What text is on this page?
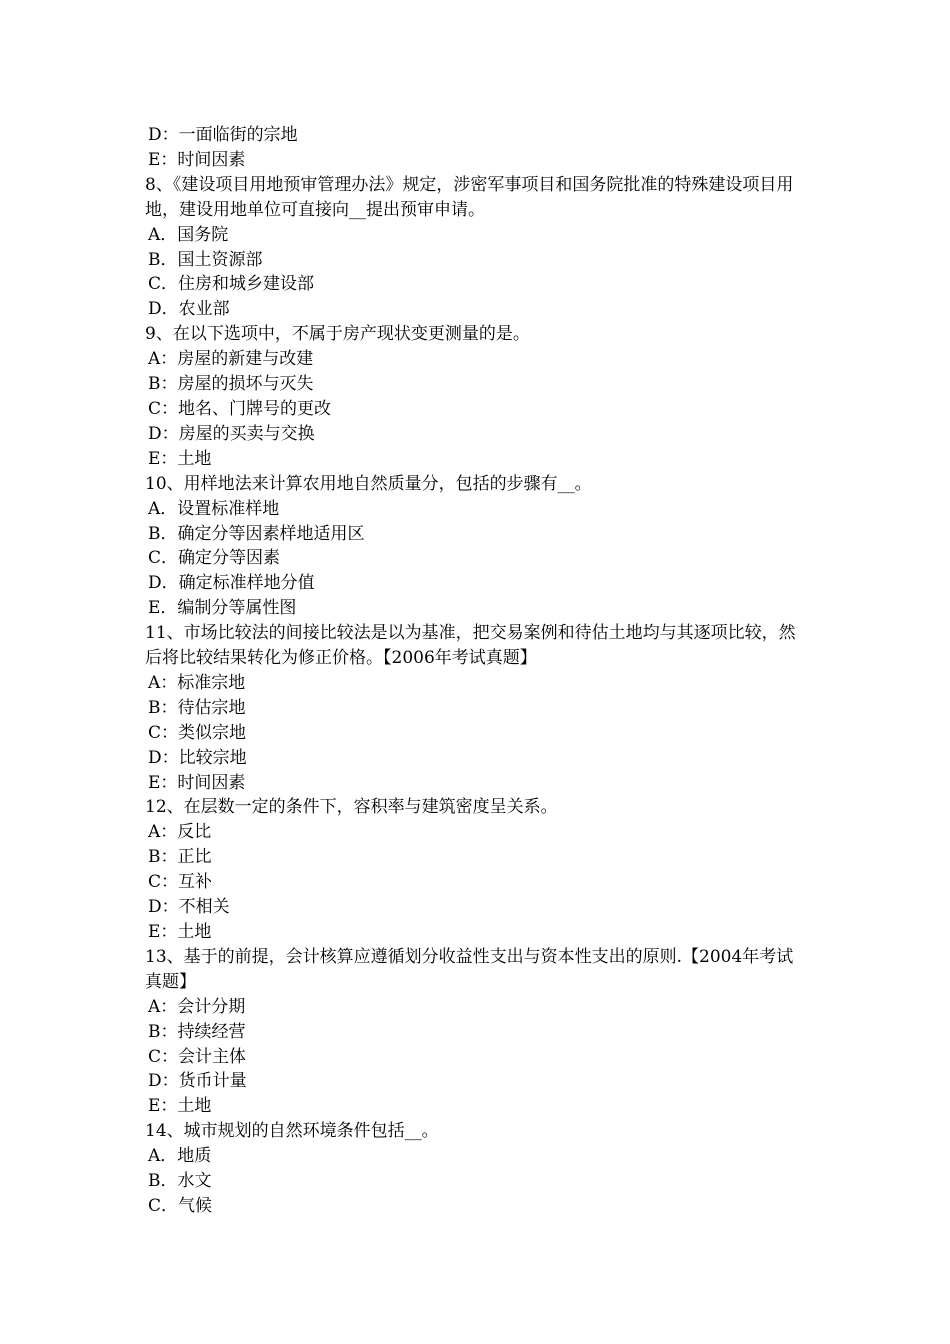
D：一面临街的宗地
E：时间因素
8、《建设项目用地预审管理办法》规定，涉密军事项目和国务院批准的特殊建设项目用地，建设用地单位可直接向__提出预审申请。
A．国务院
B．国土资源部
C．住房和城乡建设部
D．农业部
9、在以下选项中，不属于房产现状变更测量的是。
A：房屋的新建与改建
B：房屋的损坏与灭失
C：地名、门牌号的更改
D：房屋的买卖与交换
E：土地
10、用样地法来计算农用地自然质量分，包括的步骤有__。
A．设置标准样地
B．确定分等因素样地适用区
C．确定分等因素
D．确定标准样地分值
E．编制分等属性图
11、市场比较法的间接比较法是以为基准，把交易案例和待估土地均与其逐项比较，然后将比较结果转化为修正价格。【2006年考试真题】
A：标准宗地
B：待估宗地
C：类似宗地
D：比较宗地
E：时间因素
12、在层数一定的条件下，容积率与建筑密度呈关系。
A：反比
B：正比
C：互补
D：不相关
E：土地
13、基于的前提，会计核算应遵循划分收益性支出与资本性支出的原则.【2004年考试真题】
A：会计分期
B：持续经营
C：会计主体
D：货币计量
E：土地
14、城市规划的自然环境条件包括__。
A．地质
B．水文
C．气候
